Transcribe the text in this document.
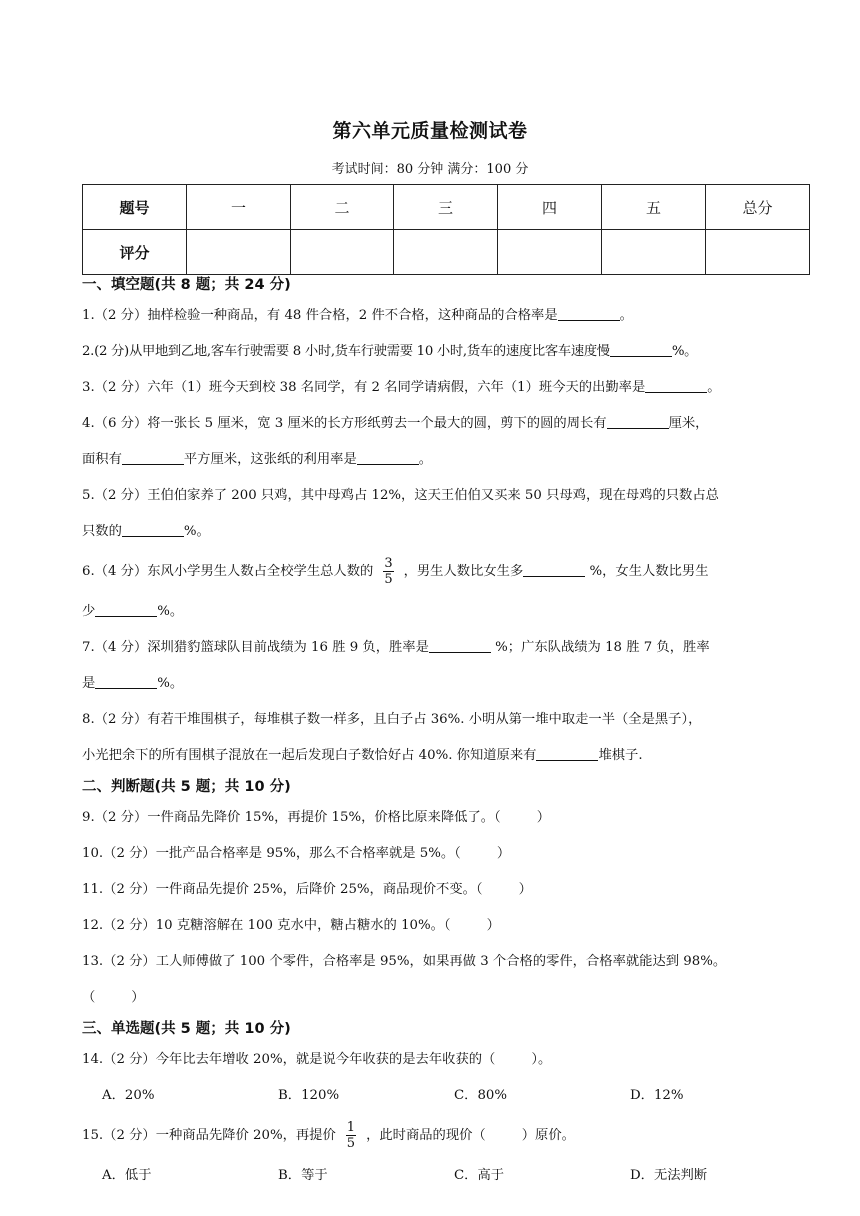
第六单元质量检测试卷
考试时间：80 分钟 满分：100 分
题号	一	二	三	四	五	总分
评分						
一、填空题(共 8 题；共 24 分)
1.（2 分）抽样检验一种商品，有 48 件合格，2 件不合格，这种商品的合格率是	。
2.(2 分)从甲地到乙地,客车行驶需要 8 小时,货车行驶需要 10 小时,货车的速度比客车速度慢	%。
3.（2 分）六年（1）班今天到校 38 名同学，有 2 名同学请病假，六年（1）班今天的出勤率是	。
4.（6 分）将一张长 5 厘米，宽 3 厘米的长方形纸剪去一个最大的圆，剪下的圆的周长有	厘米，
面积有	平方厘米，这张纸的利用率是	。
5.（2 分）王伯伯家养了 200 只鸡，其中母鸡占 12%，这天王伯伯又买来 50 只母鸡，现在母鸡的只数占总
只数的	%。
6.（4 分）东风小学男生人数占全校学生总人数的 $\frac{3}{5}$ ，男生人数比女生多	%，女生人数比男生
少	%。
7.（4 分）深圳猎豹篮球队目前战绩为 16 胜 9 负，胜率是	%；广东队战绩为 18 胜 7 负，胜率
是	%。
8.（2 分）有若干堆围棋子，每堆棋子数一样多，且白子占 36%. 小明从第一堆中取走一半（全是黑子），
小光把余下的所有围棋子混放在一起后发现白子数恰好占 40%. 你知道原来有	堆棋子.
二、判断题(共 5 题；共 10 分)
9.（2 分）一件商品先降价 15%，再提价 15%，价格比原来降低了。（	）
10.（2 分）一批产品合格率是 95%，那么不合格率就是 5%。（	）
11.（2 分）一件商品先提价 25%，后降价 25%，商品现价不变。（	）
12.（2 分）10 克糖溶解在 100 克水中，糖占糖水的 10%。（	）
13.（2 分）工人师傅做了 100 个零件，合格率是 95%，如果再做 3 个合格的零件，合格率就能达到 98%。
（	）
三、单选题(共 5 题；共 10 分)
14.（2 分）今年比去年增收 20%，就是说今年收获的是去年收获的（	）。
A．20%	B．120%	C．80%	D．12%
15.（2 分）一种商品先降价 20%，再提价 $\frac{1}{5}$ ，此时商品的现价（	）原价。
A．低于	B．等于	C．高于	D．无法判断
